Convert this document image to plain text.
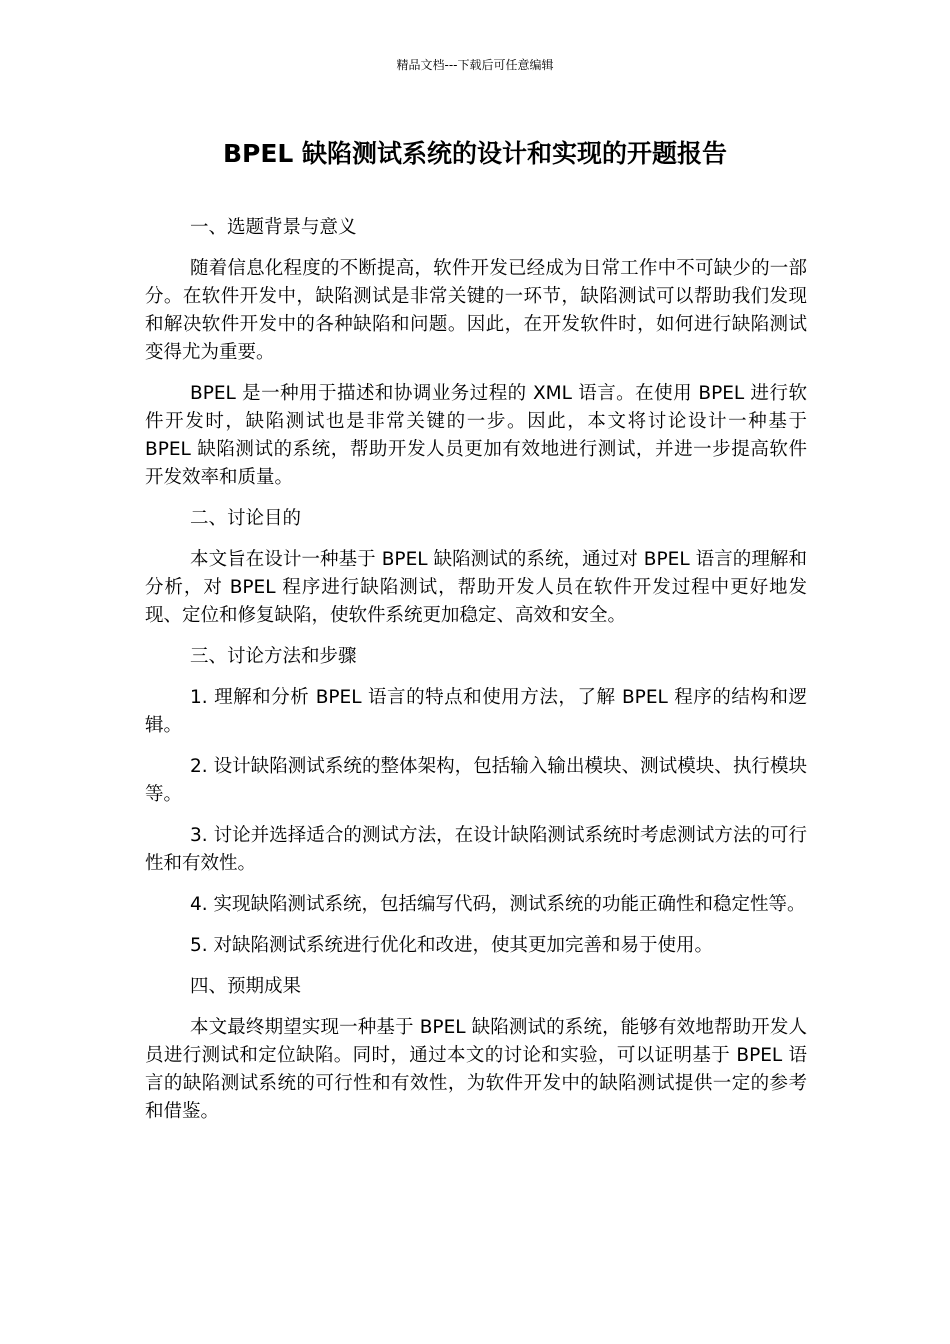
精品文档---下载后可任意编辑
BPEL 缺陷测试系统的设计和实现的开题报告

一、选题背景与意义

随着信息化程度的不断提高，软件开发已经成为日常工作中不可缺少的一部分。在软件开发中，缺陷测试是非常关键的一环节，缺陷测试可以帮助我们发现和解决软件开发中的各种缺陷和问题。因此，在开发软件时，如何进行缺陷测试变得尤为重要。

BPEL 是一种用于描述和协调业务过程的 XML 语言。在使用 BPEL 进行软件开发时，缺陷测试也是非常关键的一步。因此，本文将讨论设计一种基于 BPEL 缺陷测试的系统，帮助开发人员更加有效地进行测试，并进一步提高软件开发效率和质量。

二、讨论目的

本文旨在设计一种基于 BPEL 缺陷测试的系统，通过对 BPEL 语言的理解和分析，对 BPEL 程序进行缺陷测试，帮助开发人员在软件开发过程中更好地发现、定位和修复缺陷，使软件系统更加稳定、高效和安全。

三、讨论方法和步骤

1. 理解和分析 BPEL 语言的特点和使用方法，了解 BPEL 程序的结构和逻辑。

2. 设计缺陷测试系统的整体架构，包括输入输出模块、测试模块、执行模块等。

3. 讨论并选择适合的测试方法，在设计缺陷测试系统时考虑测试方法的可行性和有效性。

4. 实现缺陷测试系统，包括编写代码，测试系统的功能正确性和稳定性等。

5. 对缺陷测试系统进行优化和改进，使其更加完善和易于使用。

四、预期成果

本文最终期望实现一种基于 BPEL 缺陷测试的系统，能够有效地帮助开发人员进行测试和定位缺陷。同时，通过本文的讨论和实验，可以证明基于 BPEL 语言的缺陷测试系统的可行性和有效性，为软件开发中的缺陷测试提供一定的参考和借鉴。
